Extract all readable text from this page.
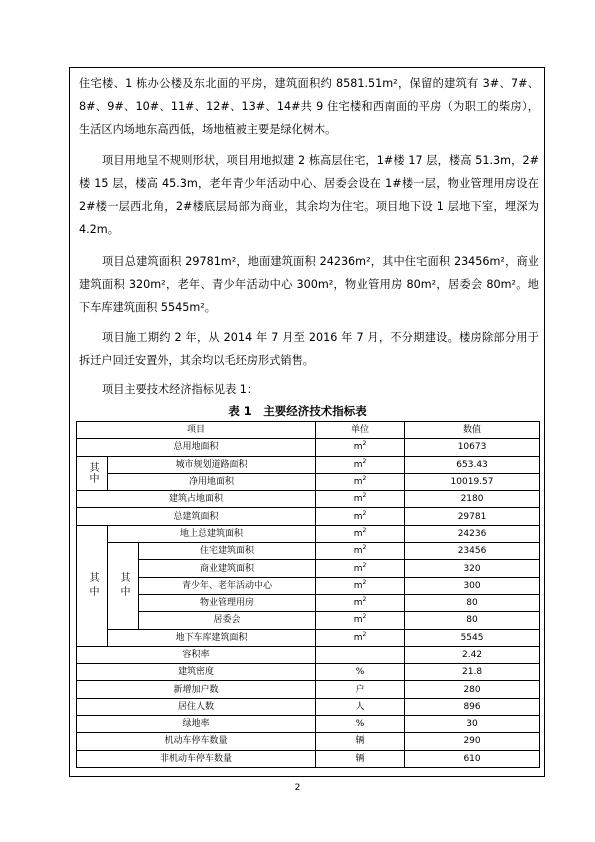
住宅楼、1 栋办公楼及东北面的平房，建筑面积约 8581.51m²，保留的建筑有 3#、7#、8#、9#、10#、11#、12#、13#、14#共 9 住宅楼和西南面的平房（为职工的柴房），生活区内场地东高西低，场地植被主要是绿化树木。

项目用地呈不规则形状，项目用地拟建 2 栋高层住宅，1#楼 17 层，楼高 51.3m，2#楼 15 层，楼高 45.3m，老年青少年活动中心、居委会设在 1#楼一层，物业管理用房设在 2#楼一层西北角，2#楼底层局部为商业，其余均为住宅。项目地下设 1 层地下室，埋深为 4.2m。

项目总建筑面积 29781m²，地面建筑面积 24236m²，其中住宅面积 23456m²，商业建筑面积 320m²，老年、青少年活动中心 300m²，物业管用房 80m²，居委会 80m²。地下车库建筑面积 5545m²。

项目施工期约 2 年，从 2014 年 7 月至 2016 年 7 月，不分期建设。楼房除部分用于拆迁户回迁安置外，其余均以毛坯房形式销售。

项目主要技术经济指标见表 1：

表 1　主要经济技术指标表
项目			单位	数值
总用地面积			$m^2$	10673
其中	城市规划道路面积		$m^2$	653.43
	净用地面积		$m^2$	10019.57
建筑占地面积			$m^2$	2180
总建筑面积			$m^2$	29781
其中	地上总建筑面积		$m^2$	24236
	其中	住宅建筑面积	$m^2$	23456
		商业建筑面积	$m^2$	320
		青少年、老年活动中心	$m^2$	300
		物业管理用房	$m^2$	80
		居委会	$m^2$	80
	地下车库建筑面积		$m^2$	5545
容积率				2.42
建筑密度			%	21.8
新增加户数			户	280
居住人数			人	896
绿地率			%	30
机动车停车数量			辆	290
非机动车停车数量			辆	610
2
